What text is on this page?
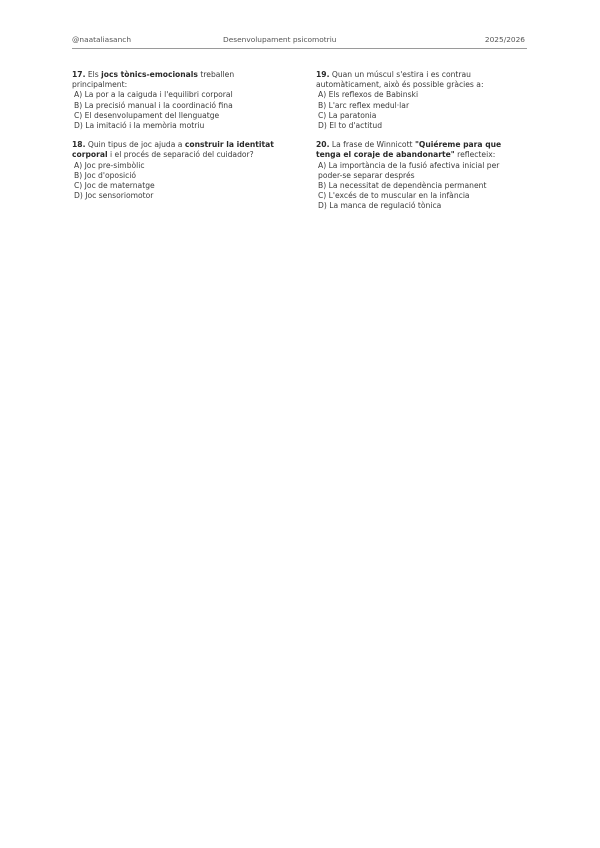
@naataliasanch	Desenvolupament psicomotriu	2025/2026

17. Els jocs tònics-emocionals treballen principalment:

A) La por a la caiguda i l'equilibri corporal

B) La precisió manual i la coordinació fina

C) El desenvolupament del llenguatge

D) La imitació i la memòria motriu

18. Quin tipus de joc ajuda a construir la identitat corporal i el procés de separació del cuidador?

A) Joc pre-simbòlic

B) Joc d'oposició

C) Joc de maternatge

D) Joc sensoriomotor

19. Quan un múscul s'estira i es contrau automàticament, això és possible gràcies a:

A) Els reflexos de Babinski

B) L'arc reflex medul·lar

C) La paratonia

D) El to d'actitud

20. La frase de Winnicott "Quiéreme para que tenga el coraje de abandonarte" reflecteix:

A) La importància de la fusió afectiva inicial per poder-se separar després

B) La necessitat de dependència permanent

C) L'excés de to muscular en la infància

D) La manca de regulació tònica
